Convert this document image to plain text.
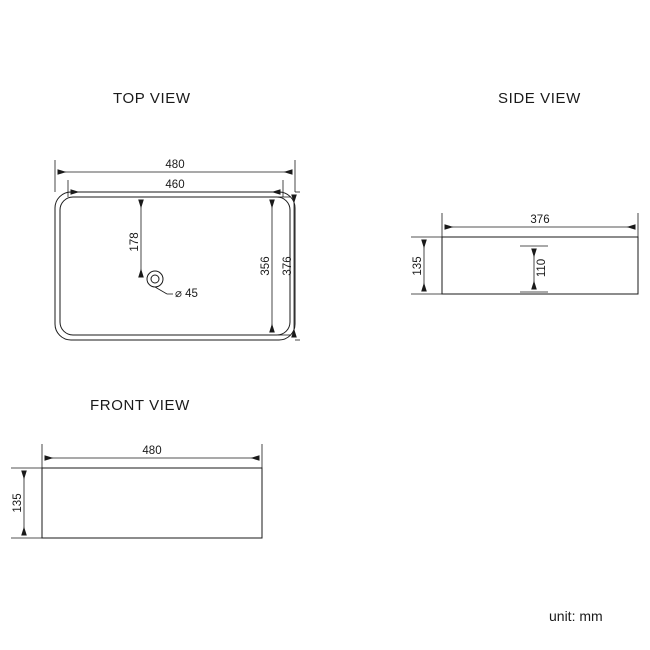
TOP VIEW	SIDE VIEW
FRONT VIEW
480
460
376
356
178
⌀ 45
376
135	110
480
135
unit: mm
